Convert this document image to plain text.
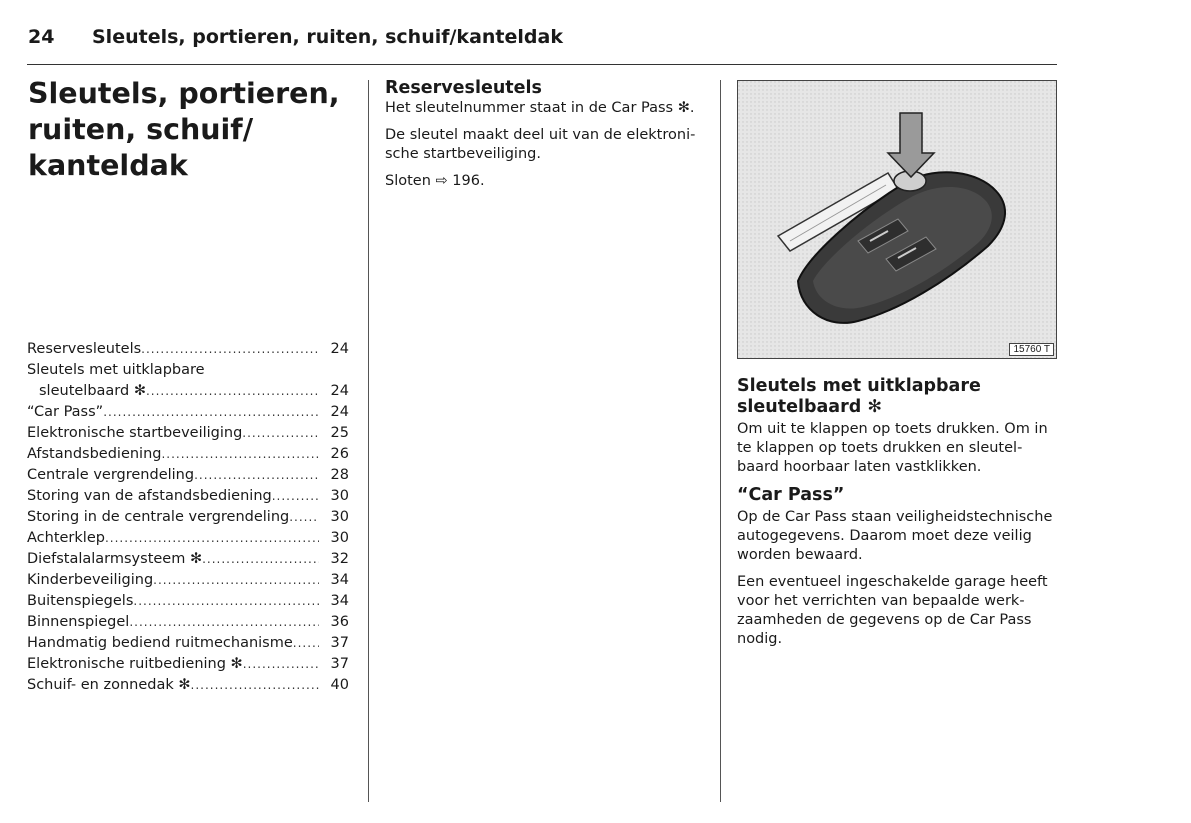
24 Sleutels, portieren, ruiten, schuif/kanteldak
Sleutels, portieren, ruiten, schuif/ kanteldak
Reservesleutels .....	24
Sleutels met uitklapbare
sleutelbaard ✻ .....	24
“Car Pass” .....	24
Elektronische startbeveiliging .....	25
Afstandsbediening .....	26
Centrale vergrendeling .....	28
Storing van de afstandsbediening .....	30
Storing in de centrale vergrendeling .....	30
Achterklep .....	30
Diefstalalarmsysteem ✻ .....	32
Kinderbeveiliging .....	34
Buitenspiegels .....	34
Binnenspiegel .....	36
Handmatig bediend ruitmechanisme .....	37
Elektronische ruitbediening ✻ .....	37
Schuif- en zonnedak ✻ .....	40
Reservesleutels

Het sleutelnummer staat in de Car Pass ✻.

De sleutel maakt deel uit van de elektroni-sche startbeveiliging.

Sloten ⇨ 196.

15760 T
Sleutels met uitklapbare sleutelbaard ✻

Om uit te klappen op toets drukken. Om in te klappen op toets drukken en sleutel-baard hoorbaar laten vastklikken.

“Car Pass”

Op de Car Pass staan veiligheidstechnische autogegevens. Daarom moet deze veilig worden bewaard.

Een eventueel ingeschakelde garage heeft voor het verrichten van bepaalde werk-zaamheden de gegevens op de Car Pass nodig.
